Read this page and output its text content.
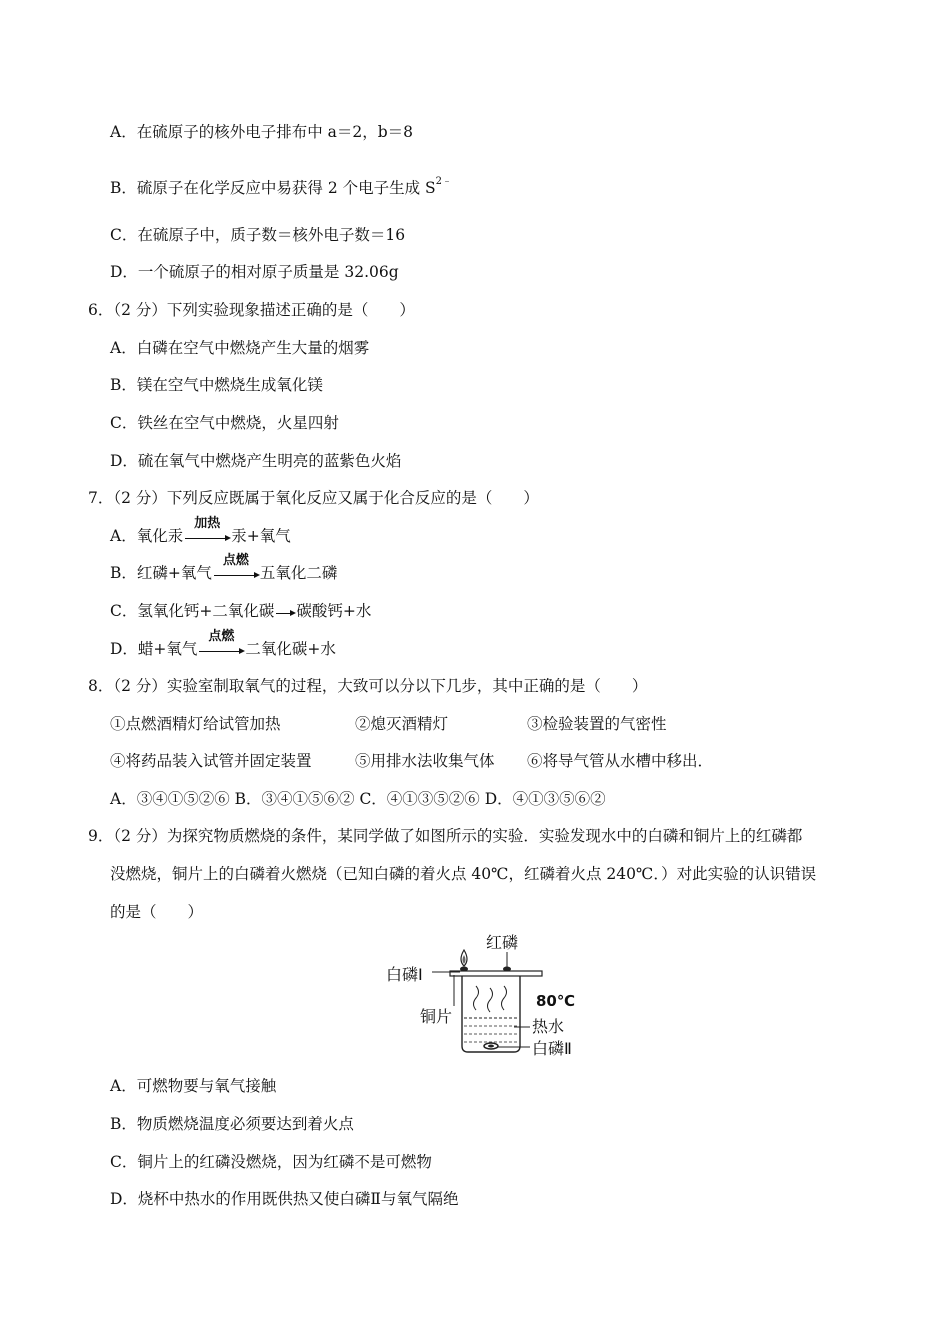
A．在硫原子的核外电子排布中 a＝2，b＝8
B．硫原子在化学反应中易获得 2 个电子生成 $S^{2﹣}$
C．在硫原子中，质子数＝核外电子数＝16
D．一个硫原子的相对原子质量是 32.06g
6．（2 分）下列实验现象描述正确的是（　　）
A．白磷在空气中燃烧产生大量的烟雾
B．镁在空气中燃烧生成氧化镁
C．铁丝在空气中燃烧，火星四射
D．硫在氧气中燃烧产生明亮的蓝紫色火焰
7．（2 分）下列反应既属于氧化反应又属于化合反应的是（　　）
A．氧化汞
加热
汞+氧气
B．红磷+氧气
点燃
五氧化二磷
C．氢氧化钙+二氧化碳→碳酸钙+水
D．蜡+氧气
点燃
二氧化碳+水
8．（2 分）实验室制取氧气的过程，大致可以分以下几步，其中正确的是（　　）
①点燃酒精灯给试管加热	②熄灭酒精灯	③检验装置的气密性
④将药品装入试管并固定装置	⑤用排水法收集气体 ⑥将导气管从水槽中移出．
A．③④①⑤②⑥ B．③④①⑤⑥② C．④①③⑤②⑥ D．④①③⑤⑥②
9．（2 分）为探究物质燃烧的条件，某同学做了如图所示的实验．实验发现水中的白磷和铜片上的红磷都
没燃烧，铜片上的白磷着火燃烧（已知白磷的着火点 40℃，红磷着火点 240℃．）对此实验的认识错误
的是（　　）
红磷
白磷Ⅰ
铜片
80℃
热水
白磷Ⅱ
A．可燃物要与氧气接触
B．物质燃烧温度必须要达到着火点
C．铜片上的红磷没燃烧，因为红磷不是可燃物
D．烧杯中热水的作用既供热又使白磷Ⅱ与氧气隔绝
